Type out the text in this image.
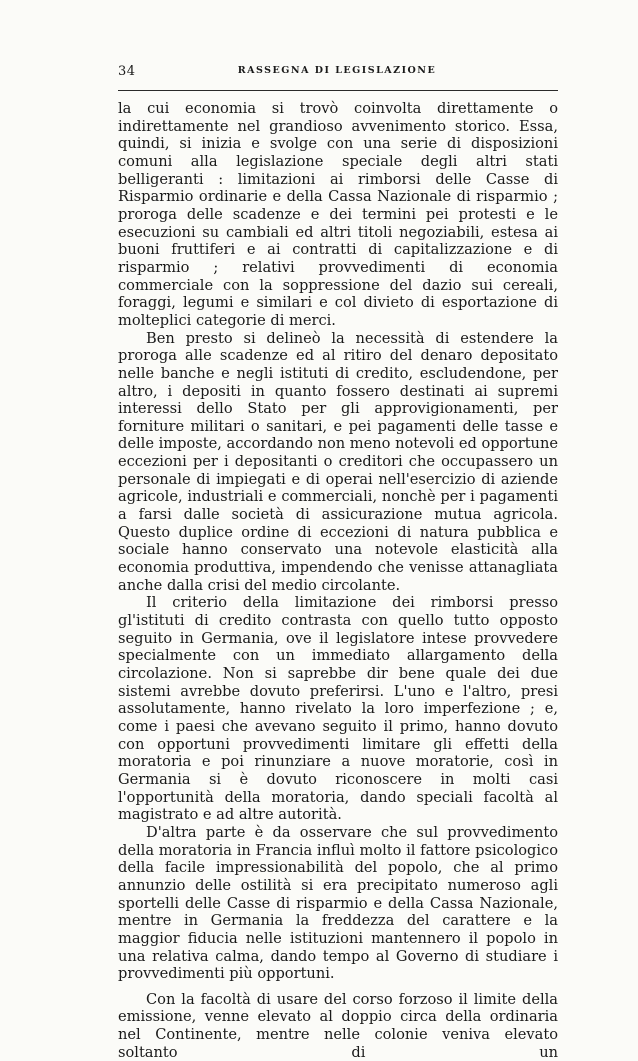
34	RASSEGNA DI LEGISLAZIONE

la cui economia si trovò coinvolta direttamente o indirettamente nel grandioso avvenimento storico. Essa, quindi, si inizia e svolge con una serie di disposizioni comuni alla legislazione speciale degli altri stati belligeranti : limitazioni ai rimborsi delle Casse di Risparmio ordinarie e della Cassa Nazionale di risparmio ; proroga delle scadenze e dei termini pei protesti e le esecuzioni su cambiali ed altri titoli negoziabili, estesa ai buoni fruttiferi e ai contratti di capitalizzazione e di risparmio ; relativi provvedimenti di economia commerciale con la soppressione del dazio sui cereali, foraggi, legumi e similari e col divieto di esportazione di molteplici categorie di merci.

Ben presto si delineò la necessità di estendere la proroga alle scadenze ed al ritiro del denaro depositato nelle banche e negli istituti di credito, escludendone, per altro, i depositi in quanto fossero destinati ai supremi interessi dello Stato per gli approvigionamenti, per forniture militari o sanitari, e pei pagamenti delle tasse e delle imposte, accordando non meno notevoli ed opportune eccezioni per i depositanti o creditori che occupassero un personale di impiegati e di operai nell'esercizio di aziende agricole, industriali e commerciali, nonchè per i pagamenti a farsi dalle società di assicurazione mutua agricola. Questo duplice ordine di eccezioni di natura pubblica e sociale hanno conservato una notevole elasticità alla economia produttiva, impendendo che venisse attanagliata anche dalla crisi del medio circolante.

Il criterio della limitazione dei rimborsi presso gl'istituti di credito contrasta con quello tutto opposto seguito in Germania, ove il legislatore intese provvedere specialmente con un immediato allargamento della circolazione. Non si saprebbe dir bene quale dei due sistemi avrebbe dovuto preferirsi. L'uno e l'altro, presi assolutamente, hanno rivelato la loro imperfezione ; e, come i paesi che avevano seguito il primo, hanno dovuto con opportuni provvedimenti limitare gli effetti della moratoria e poi rinunziare a nuove moratorie, così in Germania si è dovuto riconoscere in molti casi l'opportunità della moratoria, dando speciali facoltà al magistrato e ad altre autorità.

D'altra parte è da osservare che sul provvedimento della moratoria in Francia influì molto il fattore psicologico della facile impressionabilità del popolo, che al primo annunzio delle ostilità si era precipitato numeroso agli sportelli delle Casse di risparmio e della Cassa Nazionale, mentre in Germania la freddezza del carattere e la maggior fiducia nelle istituzioni mantennero il popolo in una relativa calma, dando tempo al Governo di studiare i provvedimenti più opportuni.

Con la facoltà di usare del corso forzoso il limite della emissione, venne elevato al doppio circa della ordinaria nel Continente, mentre nelle colonie veniva elevato soltanto di un
